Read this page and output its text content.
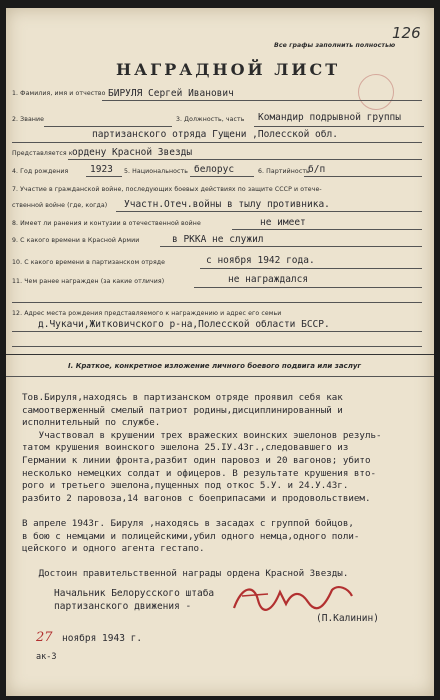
Все графы заполнить полностью
126
НАГРАДНОЙ ЛИСТ
1. Фамилия, имя и отчество БИРУЛЯ Сергей Иванович
2. Звание	3. Должность, часть Командир подрывной группы
партизанского отряда Гущени ,Полесской обл.
Представляется к ордену Красной Звезды
4. Год рождения 1923 5. Национальность белорус	6. Партийность
б/п
7. Участие в гражданской войне, последующих боевых действиях по защите СССР и отече-
ственной войне (где, когда) Участн.Отеч.войны в тылу противника.
8. Имеет ли ранения и контузии в отечественной войне	не имеет
9. С какого времени в Красной Армии	в РККА не служил
10. С какого времени в партизанском отряде	с ноября 1942 года.
11. Чем ранее награжден (за какие отличия)	не награждался
12. Адрес места рождения представляемого к награждению и адрес его семьи
д.Чукачи,Житковичского р-на,Полесской области БССР.
I. Краткое, конкретное изложение личного боевого подвига или заслуг
Тов.Бируля,находясь в партизанском отряде проявил себя как
самоотверженный смелый патриот родины,дисциплинированный и
исполнительный по службе.
Участвовал в крушении трех вражеских воинских эшелонов резуль-
татом крушения воинского эшелона 25.IУ.43г.,следовавшего из
Германии к линии фронта,разбит один паровоз и 20 вагонов; убито
несколько немецких солдат и офицеров. В результате крушения вто-
рого и третьего эшелона,пущенных под откос 5.У. и 24.У.43г.
разбито 2 паровоза,14 вагонов с боеприпасами и продовольствием.

В апреле 1943г. Бируля ,находясь в засадах с группой бойцов,
в бою с немцами и полицейскими,убил одного немца,одного поли-
цейского и одного агента гестапо.

Достоин правительственной награды ордена Красной Звезды.
Начальник Белорусского штаба
партизанского движения -
(П.Калинин)
27 ноября 1943 г.
ак-3
